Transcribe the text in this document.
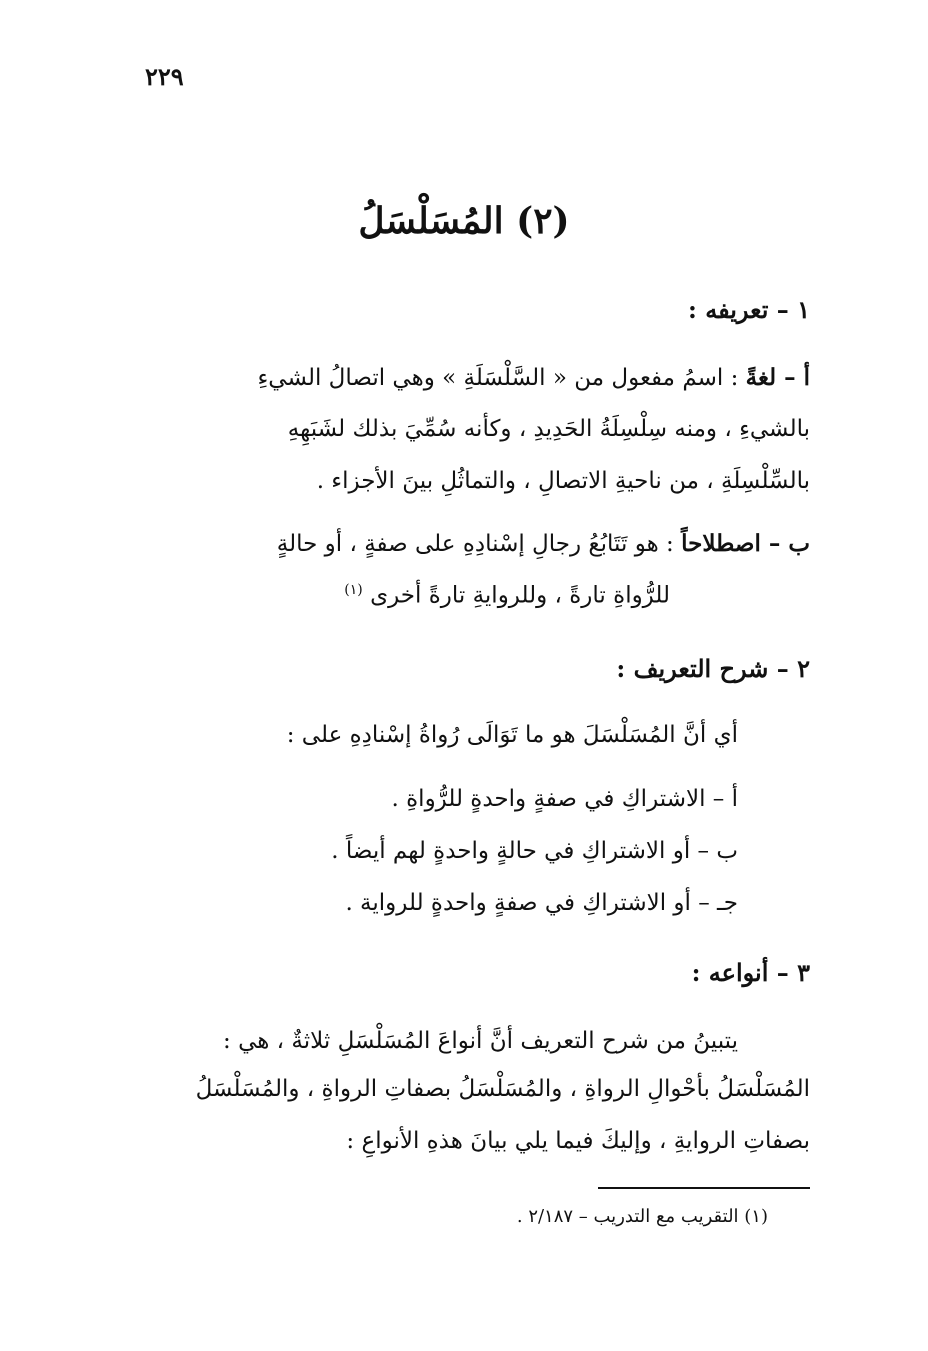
٢٢٩
(٢) المُسَلْسَلُ
١ – تعريفه :
أ – لغةً : اسمُ مفعول من « السَّلْسَلَةِ » وهي اتصالُ الشيءِ
بالشيءِ ، ومنه سِلْسِلَةُ الحَدِيدِ ، وكأنه سُمِّيَ بذلك لشَبَهِهِ
بالسِّلْسِلَةِ ، من ناحيةِ الاتصالِ ، والتماثُلِ بينَ الأجزاء .
ب – اصطلاحاً : هو تَتَابُعُ رجالِ إسْنادِهِ على صفةٍ ، أو حالةٍ
للرُّواةِ تارةً ، وللروايةِ تارةً أخرى $^{(١)}$
٢ – شرح التعريف :
أي أنَّ المُسَلْسَلَ هو ما تَوَالَى رُواةُ إسْنادِهِ على :
أ – الاشتراكِ في صفةٍ واحدةٍ للرُّواةِ .
ب – أو الاشتراكِ في حالةٍ واحدةٍ لهم أيضاً .
جـ – أو الاشتراكِ في صفةٍ واحدةٍ للرواية .
٣ – أنواعه :
يتبينُ من شرح التعريف أنَّ أنواعَ المُسَلْسَلِ ثلاثةٌ ، هي :
المُسَلْسَلُ بأحْوالِ الرواةِ ، والمُسَلْسَلُ بصفاتِ الرواةِ ، والمُسَلْسَلُ
بصفاتِ الروايةِ ، وإليكَ فيما يلي بيانَ هذهِ الأنواعِ :
(١) التقريب مع التدريب – ٢/١٨٧ .
